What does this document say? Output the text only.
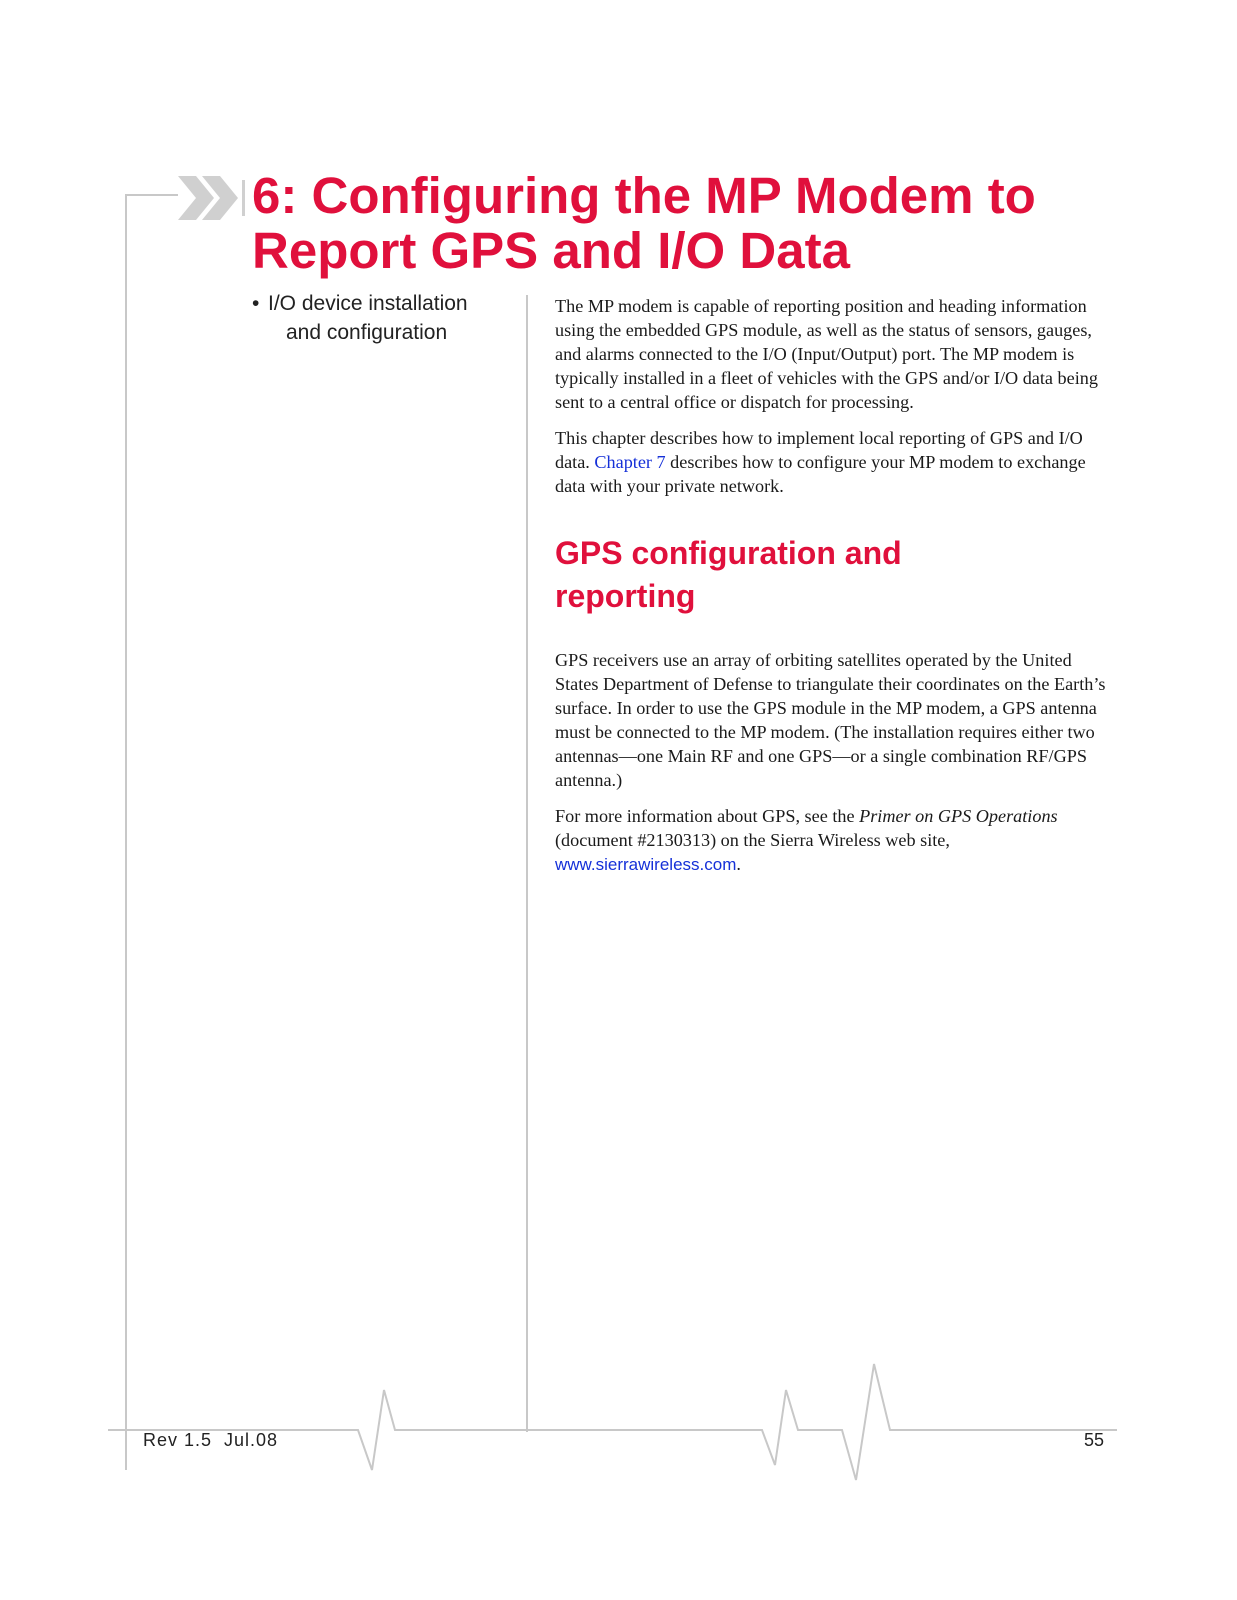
6: Configuring the MP Modem to
Report GPS and I/O Data
• I/O device installation
and configuration

The MP modem is capable of reporting position and heading information using the embedded GPS module, as well as the status of sensors, gauges, and alarms connected to the I/O (Input/Output) port. The MP modem is typically installed in a fleet of vehicles with the GPS and/or I/O data being sent to a central office or dispatch for processing.

This chapter describes how to implement local reporting of GPS and I/O data. Chapter 7 describes how to configure your MP modem to exchange data with your private network.

GPS configuration and reporting

GPS receivers use an array of orbiting satellites operated by the United States Department of Defense to triangulate their coordinates on the Earth’s surface. In order to use the GPS module in the MP modem, a GPS antenna must be connected to the MP modem. (The installation requires either two antennas—one Main RF and one GPS—or a single combination RF/GPS antenna.)

For more information about GPS, see the Primer on GPS Operations (document #2130313) on the Sierra Wireless web site, www.sierrawireless.com.

Rev 1.5  Jul.08	55
